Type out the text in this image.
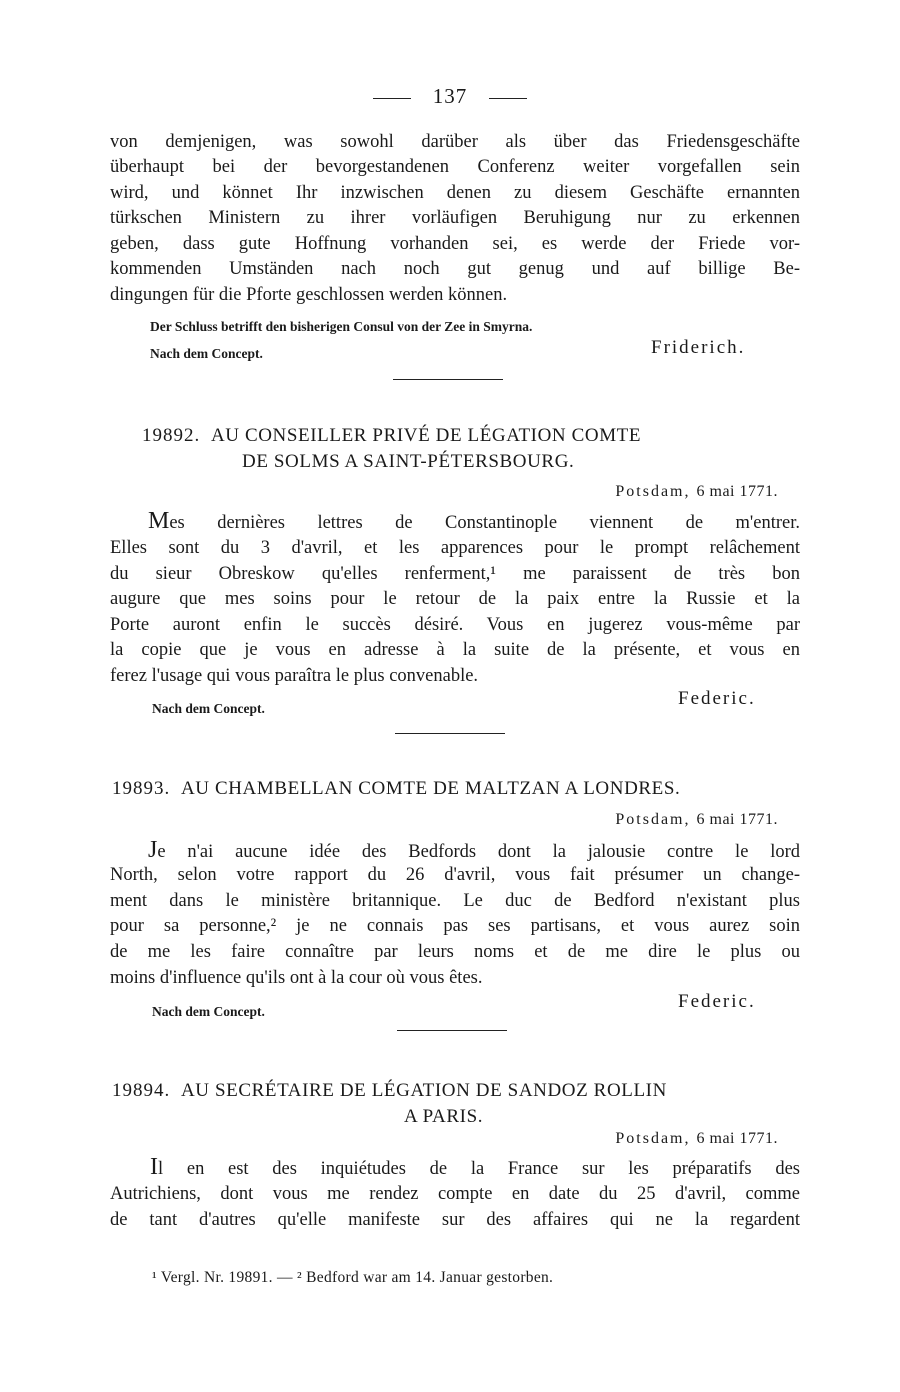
137
von demjenigen, was sowohl darüber als über das Friedensgeschäfte
überhaupt bei der bevorgestandenen Conferenz weiter vorgefallen sein
wird, und könnet Ihr inzwischen denen zu diesem Geschäfte ernannten
türkschen Ministern zu ihrer vorläufigen Beruhigung nur zu erkennen
geben, dass gute Hoffnung vorhanden sei, es werde der Friede vor-
kommenden Umständen nach noch gut genug und auf billige Be-
dingungen für die Pforte geschlossen werden können.
Der Schluss betrifft den bisherigen Consul von der Zee in Smyrna.
Nach dem Concept.	Friderich.
19892. AU CONSEILLER PRIVÉ DE LÉGATION COMTE
DE SOLMS A SAINT-PÉTERSBOURG.
Potsdam, 6 mai 1771.
Mes dernières lettres de Constantinople viennent de m'entrer.
Elles sont du 3 d'avril, et les apparences pour le prompt relâchement
du sieur Obreskow qu'elles renferment,¹ me paraissent de très bon
augure que mes soins pour le retour de la paix entre la Russie et la
Porte auront enfin le succès désiré. Vous en jugerez vous-même par
la copie que je vous en adresse à la suite de la présente, et vous en
ferez l'usage qui vous paraîtra le plus convenable.
Nach dem Concept.	Federic.
19893. AU CHAMBELLAN COMTE DE MALTZAN A LONDRES.
Potsdam, 6 mai 1771.
Je n'ai aucune idée des Bedfords dont la jalousie contre le lord
North, selon votre rapport du 26 d'avril, vous fait présumer un change-
ment dans le ministère britannique. Le duc de Bedford n'existant plus
pour sa personne,² je ne connais pas ses partisans, et vous aurez soin
de me les faire connaître par leurs noms et de me dire le plus ou
moins d'influence qu'ils ont à la cour où vous êtes.
Nach dem Concept.	Federic.
19894. AU SECRÉTAIRE DE LÉGATION DE SANDOZ ROLLIN
A PARIS.
Potsdam, 6 mai 1771.
Il en est des inquiétudes de la France sur les préparatifs des
Autrichiens, dont vous me rendez compte en date du 25 d'avril, comme
de tant d'autres qu'elle manifeste sur des affaires qui ne la regardent
¹ Vergl. Nr. 19891. — ² Bedford war am 14. Januar gestorben.
